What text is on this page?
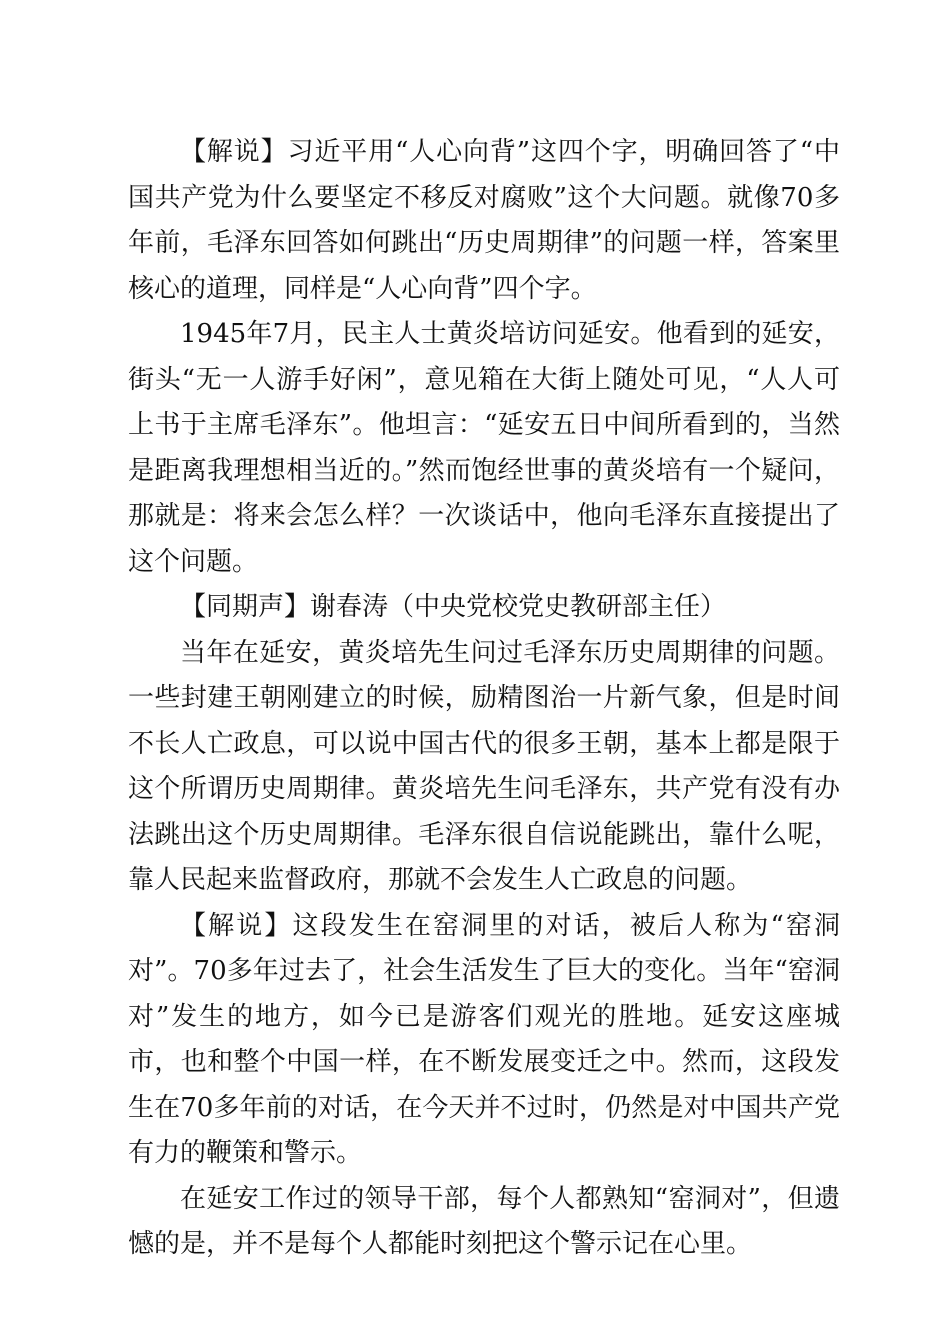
【解说】习近平用“人心向背”这四个字，明确回答了“中国共产党为什么要坚定不移反对腐败”这个大问题。就像70多年前，毛泽东回答如何跳出“历史周期律”的问题一样，答案里核心的道理，同样是“人心向背”四个字。

1945年7月，民主人士黄炎培访问延安。他看到的延安，街头“无一人游手好闲”，意见箱在大街上随处可见，“人人可上书于主席毛泽东”。他坦言：“延安五日中间所看到的，当然是距离我理想相当近的。”然而饱经世事的黄炎培有一个疑问，那就是：将来会怎么样？一次谈话中，他向毛泽东直接提出了这个问题。

【同期声】谢春涛（中央党校党史教研部主任）

当年在延安，黄炎培先生问过毛泽东历史周期律的问题。一些封建王朝刚建立的时候，励精图治一片新气象，但是时间不长人亡政息，可以说中国古代的很多王朝，基本上都是限于这个所谓历史周期律。黄炎培先生问毛泽东，共产党有没有办法跳出这个历史周期律。毛泽东很自信说能跳出，靠什么呢，靠人民起来监督政府，那就不会发生人亡政息的问题。

【解说】这段发生在窑洞里的对话，被后人称为“窑洞对”。70多年过去了，社会生活发生了巨大的变化。当年“窑洞对”发生的地方，如今已是游客们观光的胜地。延安这座城市，也和整个中国一样，在不断发展变迁之中。然而，这段发生在70多年前的对话，在今天并不过时，仍然是对中国共产党有力的鞭策和警示。

在延安工作过的领导干部，每个人都熟知“窑洞对”，但遗憾的是，并不是每个人都能时刻把这个警示记在心里。
